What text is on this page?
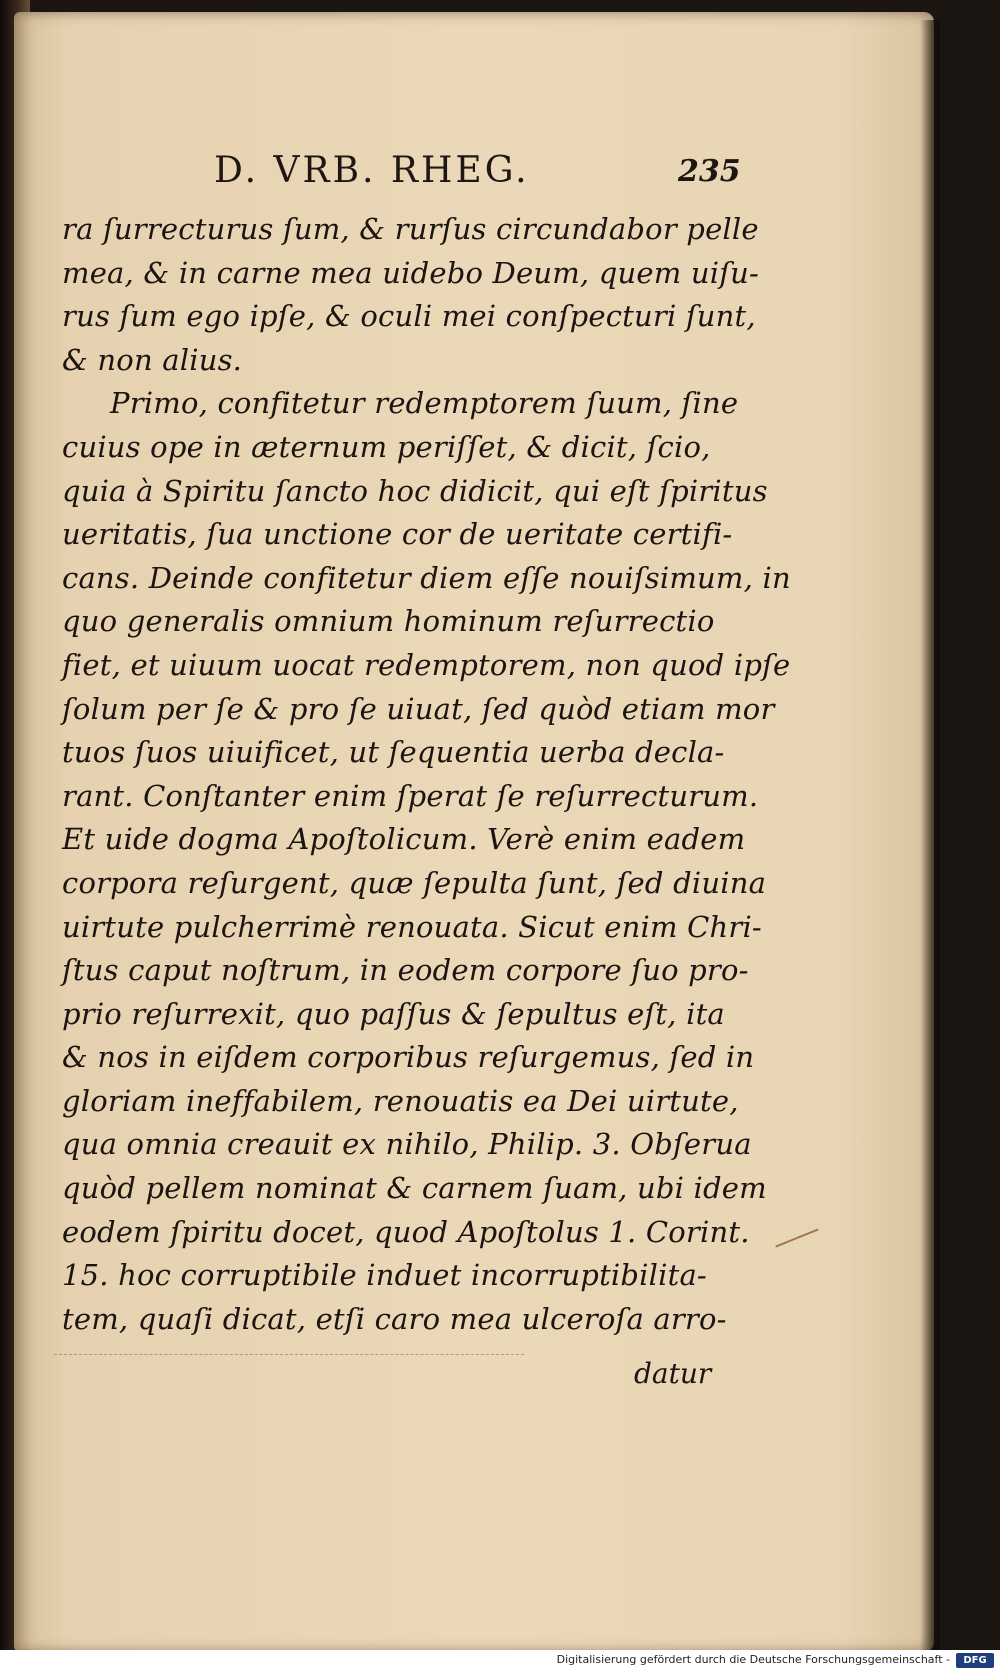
D. VRB. RHEG.	235
ra ſurrecturus ſum, & rurſus circundabor pelle
mea, & in carne mea uidebo Deum, quem uiſu-
rus ſum ego ipſe, & oculi mei conſpecturi ſunt,
& non alius.
Primo, confitetur redemptorem ſuum, ſine
cuius ope in æternum periſſet, & dicit, ſcio,
quia à Spiritu ſancto hoc didicit, qui eſt ſpiritus
ueritatis, ſua unctione cor de ueritate certifi-
cans. Deinde confitetur diem eſſe nouiſsimum, in
quo generalis omnium hominum reſurrectio
fiet, et uiuum uocat redemptorem, non quod ipſe
ſolum per ſe & pro ſe uiuat, ſed quòd etiam mor
tuos ſuos uiuificet, ut ſequentia uerba decla-
rant. Conſtanter enim ſperat ſe reſurrecturum.
Et uide dogma Apoſtolicum. Verè enim eadem
corpora reſurgent, quæ ſepulta ſunt, ſed diuina
uirtute pulcherrimè renouata. Sicut enim Chri-
ſtus caput noſtrum, in eodem corpore ſuo pro-
prio reſurrexit, quo paſſus & ſepultus eſt, ita
& nos in eiſdem corporibus reſurgemus, ſed in
gloriam ineffabilem, renouatis ea Dei uirtute,
qua omnia creauit ex nihilo, Philip. 3. Obſerua
quòd pellem nominat & carnem ſuam, ubi idem
eodem ſpiritu docet, quod Apoſtolus 1. Corint.
15. hoc corruptibile induet incorruptibilita-
tem, quaſi dicat, etſi caro mea ulceroſa arro-
datur
Digitalisierung gefördert durch die Deutsche Forschungsgemeinschaft -	DFG
